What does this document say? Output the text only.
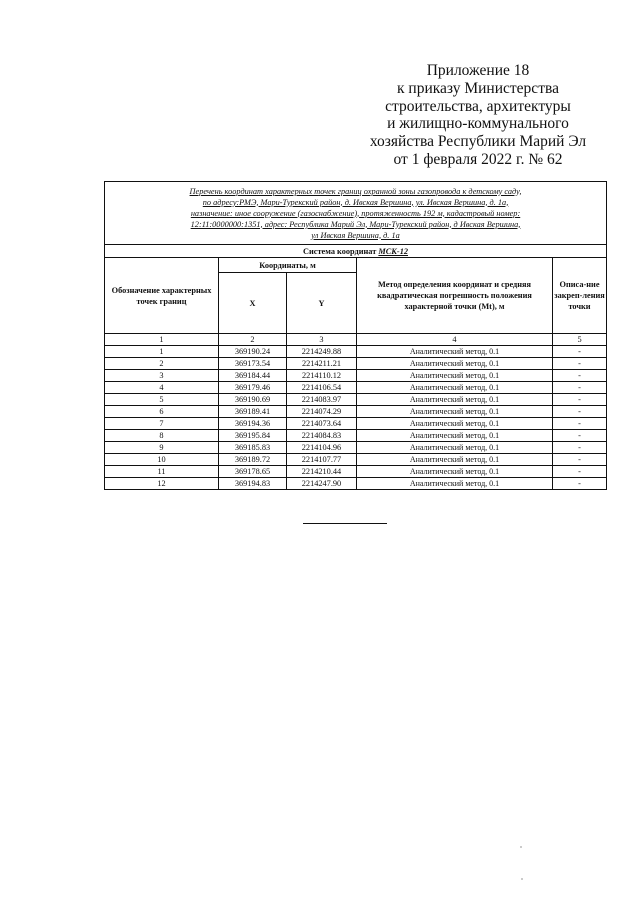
Приложение 18
к приказу Министерства
строительства, архитектуры
и жилищно-коммунального
хозяйства Республики Марий Эл
от 1 февраля 2022 г. № 62
Перечень координат характерных точек границ охранной зоны газопровода к детскому саду,
по адресу:РМЭ, Мари-Турекский район, д. Ивская Вершина, ул. Ивская Вершина, д. 1а,
назначение: иное сооружение (газоснабжение), протяженность 192 м, кадастровый номер:
12:11:0000000:1351, адрес: Республика Марий Эл, Мари-Турекский район, д Ивская Вершина,
ул Ивская Вершина, д. 1а				

Система координат МСК-12				
Обозначение характерных точек границ	Координаты, м		Метод определения координат и средняя квадратическая погрешность положения характерной точки (Mt), м	Описа-ние закреп-ления точки
	X	Y		
1	2	3	4	5
1	369190.24	2214249.88	Аналитический метод, 0.1	-
2	369173.54	2214211.21	Аналитический метод, 0.1	-
3	369184.44	2214110.12	Аналитический метод, 0.1	-
4	369179.46	2214106.54	Аналитический метод, 0.1	-
5	369190.69	2214083.97	Аналитический метод, 0.1	-
6	369189.41	2214074.29	Аналитический метод, 0.1	-
7	369194.36	2214073.64	Аналитический метод, 0.1	-
8	369195.84	2214084.83	Аналитический метод, 0.1	-
9	369185.83	2214104.96	Аналитический метод, 0.1	-
10	369189.72	2214107.77	Аналитический метод, 0.1	-
11	369178.65	2214210.44	Аналитический метод, 0.1	-
12	369194.83	2214247.90	Аналитический метод, 0.1	-
